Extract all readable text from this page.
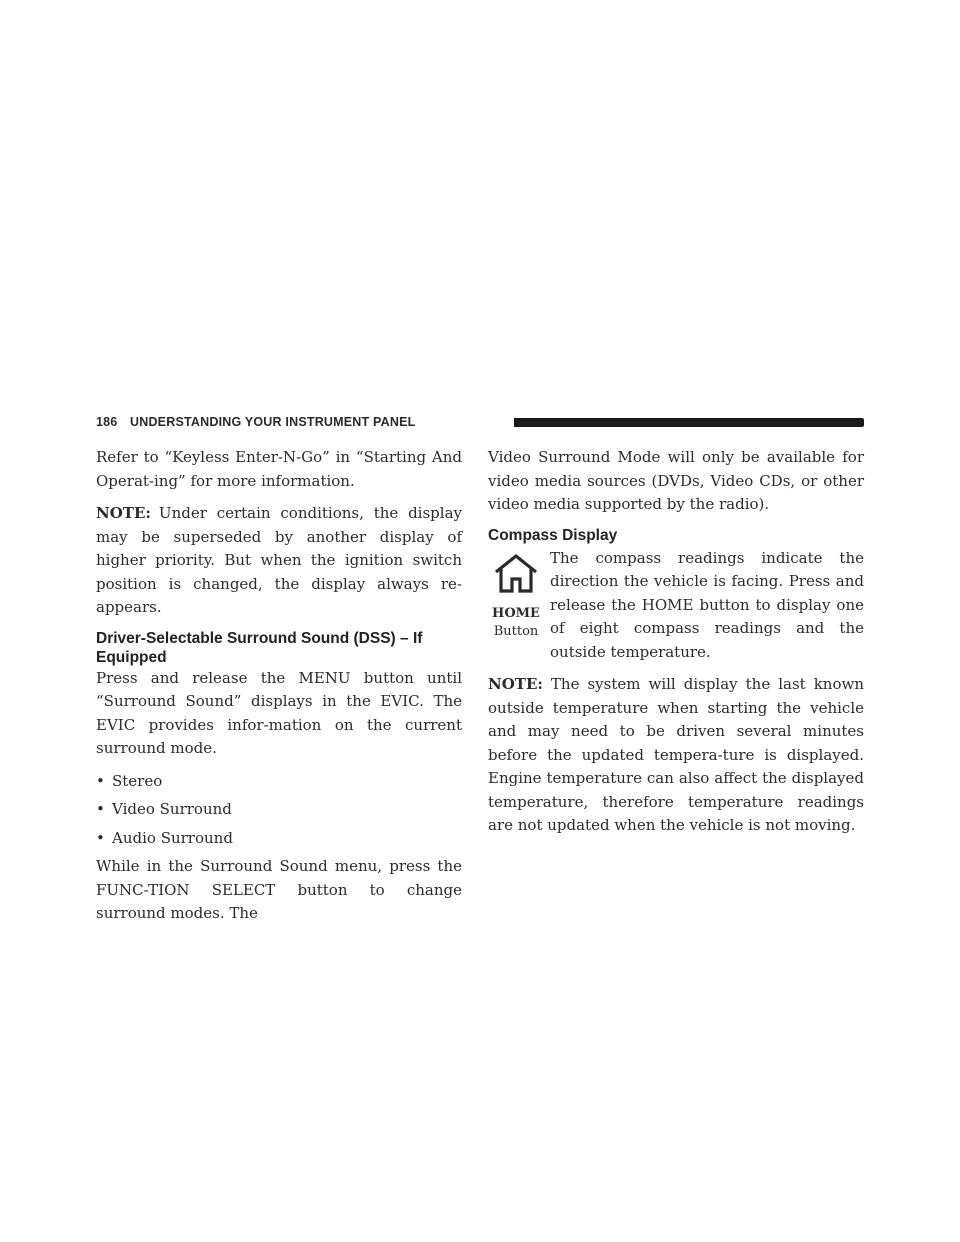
186 UNDERSTANDING YOUR INSTRUMENT PANEL

Refer to “Keyless Enter-N-Go” in “Starting And Operat-ing” for more information.

NOTE: Under certain conditions, the display may be superseded by another display of higher priority. But when the ignition switch position is changed, the display always re-appears.

Driver-Selectable Surround Sound (DSS) – If Equipped

Press and release the MENU button until “Surround Sound” displays in the EVIC. The EVIC provides infor-mation on the current surround mode.

• Stereo
• Video Surround
• Audio Surround

While in the Surround Sound menu, press the FUNC-TION SELECT button to change surround modes. The

Video Surround Mode will only be available for video media sources (DVDs, Video CDs, or other video media supported by the radio).

Compass Display
HOME
Button

The compass readings indicate the direction the vehicle is facing. Press and release the HOME button to display one of eight compass readings and the outside temperature.

NOTE: The system will display the last known outside temperature when starting the vehicle and may need to be driven several minutes before the updated tempera-ture is displayed. Engine temperature can also affect the displayed temperature, therefore temperature readings are not updated when the vehicle is not moving.
